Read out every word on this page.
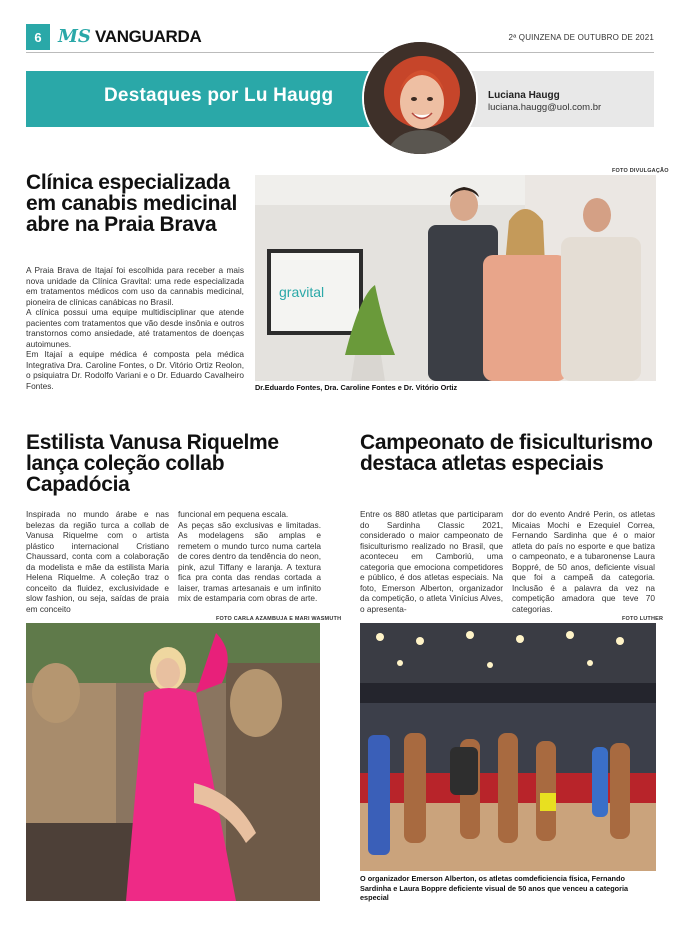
6 MS VANGUARDA	2ª QUINZENA DE OUTUBRO DE 2021
Destaques por Lu Haugg	Luciana Haugg
luciana.haugg@uol.com.br
Clínica especializada em canabis medicinal abre na Praia Brava

A Praia Brava de Itajaí foi escolhida para receber a mais nova unidade da Clínica Gravital: uma rede especializada em tratamentos médicos com uso da cannabis medicinal, pioneira de clínicas canábicas no Brasil.

A clínica possui uma equipe multidisciplinar que atende pacientes com tratamentos que vão desde insônia e outros transtornos como ansiedade, até tratamentos de doenças autoimunes.

Em Itajaí a equipe médica é composta pela médica Integrativa Dra. Caroline Fontes, o Dr. Vitório Ortiz Reolon, o psiquiatra Dr. Rodolfo Variani e o Dr. Eduardo Cavalheiro Fontes.

FOTO DIVULGAÇÃO
gravital
Dr.Eduardo Fontes, Dra. Caroline Fontes e Dr. Vitório Ortiz
Estilista Vanusa Riquelme lança coleção collab Capadócia
Inspirada no mundo árabe e nas belezas da região turca a collab de Vanusa Riquelme com o artista plástico internacional Cristiano Chaussard, conta com a colaboração da modelista e mãe da estilista Maria Helena Riquelme. A coleção traz o conceito da fluidez, exclusividade e slow fashion, ou seja, saídas de praia em conceito

funcional em pequena escala.

As peças são exclusivas e limitadas. As modelagens são amplas e remetem o mundo turco numa cartela de cores dentro da tendência do neon, pink, azul Tiffany e laranja. A textura fica pra conta das rendas cortada a laiser, tramas artesanais e um infinito mix de estamparia com obras de arte.

FOTO CARLA AZAMBUJA E MARI WASMUTH
Campeonato de fisiculturismo destaca atletas especiais
Entre os 880 atletas que participaram do Sardinha Classic 2021, considerado o maior campeonato de fisiculturismo realizado no Brasil, que aconteceu em Camboriú, uma categoria que emociona competidores e público, é dos atletas especiais. Na foto, Emerson Alberton, organizador da competição, o atleta Vinícius Alves, o apresenta-
dor do evento André Perin, os atletas Micaias Mochi e Ezequiel Correa, Fernando Sardinha que é o maior atleta do país no esporte e que batiza o campeonato, e a tubaronense Laura Boppré, de 50 anos, deficiente visual que foi a campeã da categoria. Inclusão é a palavra da vez na competição amadora que teve 70 categorias.
FOTO LUTHER
O organizador Emerson Alberton, os atletas comdeficiencia física, Fernando Sardinha e Laura Boppre deficiente visual de 50 anos que venceu a categoria especial
